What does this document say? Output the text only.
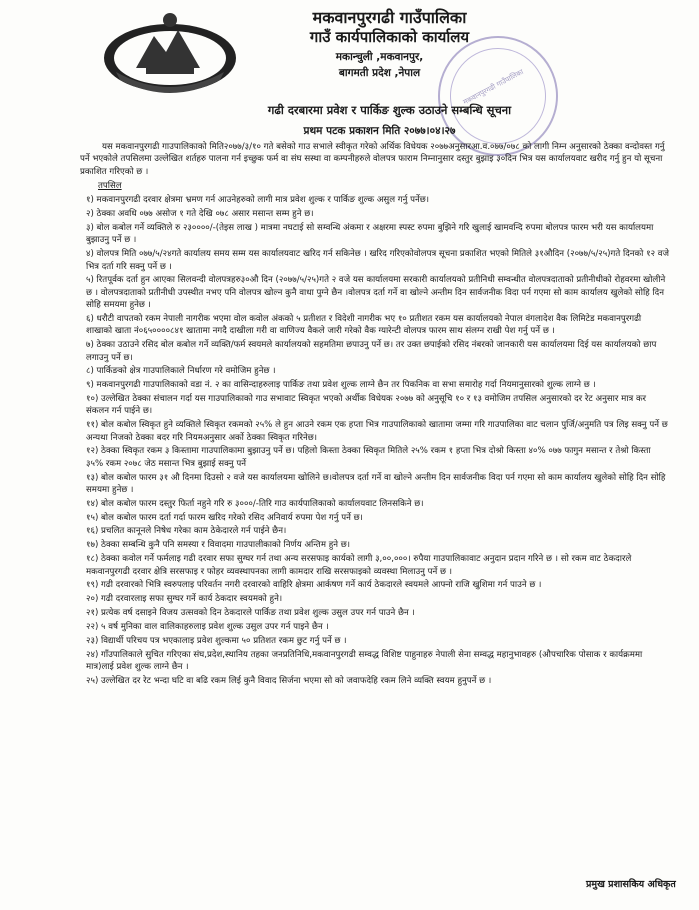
मकवानपुरगढी गाउँपालिका
मकवानपुरगढी गाउँपालिका
गाउँ कार्यपालिकाको कार्यालय
मकान्चुली ,मकवानपुर,
बागमती प्रदेश ,नेपाल
गढी दरबारमा प्रवेश र पार्किङ शुल्क उठाउने सम्बन्धि सूचना
प्रथम पटक प्रकाशन मिति २०७७।०४।२७

यस मकवानपुरगढी गाउपालिकाको मिति२०७७/३/१० गते बसेको गाउ सभाले स्वीकृत गरेको अर्थिक विधेयक २०७७अनुसारआ.व.०७७/०७८ को लागी निम्न अनुसारको ठेक्का वन्दोवस्त गर्नु पर्ने भएकोले तपसिलमा उल्लेखित शर्तहरु पालना गर्न इच्छुक फर्म वा संघ सस्था वा कम्पनीहरुले वोलपत्र फाराम निम्नानुसार दस्तुर बुझाइ ३०दिन भित्र यस कार्यालयवाट खरीद गर्नु हुन यो सूचना प्रकाशित गरिएको छ ।

तपसिल
१) मकवानपुरगढी दरवार क्षेत्रमा भ्रमण गर्न आउनेहरुको लागी मात्र प्रवेश शुल्क र पार्किङ शुल्क असुल गर्नु पर्नेछ।
२) ठेक्का अवधि ०७७ असोज १ गते देखि ०७८ असार मसान्त सम्म हुने छ।
३) बोल कबोल गर्ने व्यक्तिले रु २३००००/-(तेइस लाख ) मात्रमा नघटाई सो सम्वन्धि अंकमा र अक्षरमा स्पस्ट रुपमा बुझिने गरि खुलाई खामवन्दि रुपमा बोलपत्र फारम भरी यस कार्यालयमा बुझाउनु पर्ने छ ।
४) वोलपत्र मिति ०७७/५/२४गते कार्यालय समय सम्म यस कार्यालयवाट खरिद गर्न सकिनेछ । खरिद गरिएकोवोलपत्र सूचना प्रकाशित भएको मितिले ३१औदिन (२०७७/५/२५)गते दिनको १२ वजे भित्र दर्ता गरि सक्नु पर्ने छ ।
५) रितपूर्वक दर्ता हुन आएका सिलवन्दी वोलपत्रहरु३०औ दिन (२०७७/५/२५)गते २ वजे यस कार्यालयमा सरकारी कार्यालयको प्रतीनिधी सम्वन्धीत वोलपत्रदाताको प्रतीनीधीको रोहवरमा खोलीने छ । वोलपत्रदाताको प्रतीनीधी उपस्थीत नभए पनि वोलपत्र खोल्न कुनै वाधा पुग्ने छैन ।वोलपत्र दर्ता गर्ने वा खोल्ने अन्तीम दिन सार्वजनीक विदा पर्न गएमा सो काम कार्यालय खुलेको सोहि दिन सोहि समयमा हुनेछ ।
६) धरौटी वापतको रकम नेपाली नागरीक भएमा वोल कवोल अंकको ५ प्रतीशत र विदेशी नागरीक भए १० प्रतीशत रकम यस कार्यालयको नेपाल वंगलादेश वैक लिमिटेड मकवानपुरगढी शाखाको खाता नं०६५००००८४१ खातामा नगदै दाखीला गरी वा वाणिज्य वैकले जारी गरेको वैक ग्यारेन्टी वोलपत्र फारम साथ संलग्न राखी पेश गर्नु पर्ने छ ।
७) ठेक्का उठाउने रसिद बोल कबोल गर्ने व्यक्ति/फर्म स्वयमले कार्यालयको सहमतिमा छपाउनु पर्ने छ। तर उक्त छपाईको रसिद नंबरको जानकारी यस कार्यालयमा दिई यस कार्यालयको छाप लगाउनु पर्ने छ।
८) पार्किङको क्षेत्र गाउपालिकाले निर्धारण गरे वमोजिम हुनेछ ।
९) मकवानपुरगढी गाउपालिकाको वडा नं. २ का वासिन्दाहरुलाइ पार्किङ तथा प्रवेश शुल्क लाग्ने छैन तर पिकनिक वा सभा समारोह गर्दा नियमानुसारको शुल्क लाग्ने छ ।
१०) उल्लेखित ठेक्का संचालन गर्दा यस गाउपालिकाको गाउ सभावाट स्विकृत भएको अर्थीक विधेयक २०७७ को अनुसूचि १० र १३ वमोजिम तपसिल अनुसारको दर रेट अनुसार मात्र कर संकलन गर्न पाईने छ।
११) बोल कबोल स्विकृत हुने व्यक्तिले स्विकृत रकमको २५% ले हुन आउने रकम एक हप्ता भित्र गाउपालिकाको खातामा जम्मा गरि गाउपालिका वाट चलान पुर्जि/अनुमति पत्र लिइ सक्नु पर्ने छ अन्यथा निजको ठेक्का बदर गरि नियमअनुसार अर्को ठेक्का स्विकृत गरिनेछ।
१२) ठेक्का स्विकृत रकम ३ किस्तामा गाउपालिकामा बुझाउनु पर्ने छ। पहिलो किस्ता ठेक्का स्विकृत मितिले २५% रकम १ हप्ता भित्र दोश्रो किस्ता ४०% ०७७ फागुन मसान्त र तेश्रो किस्ता ३५% रकम २०७८ जेठ मसान्त भित्र बुझाई सक्नु पर्ने
१३) बोल कबोल फारम ३१ औ दिनमा दिउसो २ वजे यस कार्यालयमा खोलिने छ।वोलपत्र दर्ता गर्ने वा खोल्ने अन्तीम दिन सार्वजनीक विदा पर्न गएमा सो काम कार्यालय खुलेको सोहि दिन सोहि समयमा हुनेछ ।
१४) बोल कबोल फारम दस्तुर फिर्ता नहुने गरि रु ३०००/-तिरि गाउ कार्यपालिकाको कार्यालयवाट लिनसकिने छ।
१५) बोल कबोल फारम दर्ता गर्दा फारम खरिद गरेको रसिद अनिवार्य रुपमा पेश गर्नु पर्ने छ।
१६) प्रचलित कानूनले निषेध गरेका काम ठेकेदारले गर्न पाईने छैन।
१७) ठेक्का सम्बन्धि कुनै पनि समस्या र विवादमा गाउपालीकाको निर्णय अन्तिम हुने छ।
१८) ठेक्का कवोल गर्ने फर्मलाइ गढी दरवार सफा सुग्घर गर्न तथा अन्य सरसफाइ कार्यको लागी ३,००,०००। रुपैया गाउपालिकावाट अनुदान प्रदान गरिने छ । सो रकम वाट ठेकदारले मकवानपुरगढी दरवार क्षेत्रि सरसफाइ र फोहर व्यवस्थापनका लागी कामदार राखि सरसफाइको व्यवस्था मिलाउनु पर्ने छ ।
१९) गढी दरवारको भित्रि स्वरुपलाइ परिवर्तन नगरी दरवारको वाहिरि क्षेत्रमा आर्कषण गर्ने कार्य ठेकदारले स्वयमले आफ्नो राजि खुशिमा गर्न पाउने छ ।
२०) गढी दरवारलाइ सफा सुग्घर गर्ने कार्य ठेकदार स्वयमको हुने।
२१) प्रत्येक वर्ष दसाइने विजय उत्सवको दिन ठेकदारले पार्किङ तथा प्रवेश शुल्क उसुल उपर गर्न पाउने छैन ।
२२) ५ वर्ष मुनिका वाल वालिकाहरुलाइ प्रवेश शुल्क उसुल उपर गर्न पाइने छैन ।
२३) विद्यार्थी परिचय पत्र भएकालाइ प्रवेश शुल्कमा ५० प्रतिशत रकम छुट गर्नु पर्ने छ ।
२४) गाँउपालिकाले सुचित गरिएका संघ,प्रदेश,स्थानिय तहका जनप्रतिनिधि,मकवानपुरगढी सम्वद्ध विशिष्ट पाहुनाहरु नेपाली सेना सम्वद्ध महानुभावहरु (औपचारिक पोसाक र कार्यक्रममा मात्र)लाई प्रवेश शुल्क लाग्ने छैन ।
२५) उल्लेखित दर रेट भन्दा घटि वा बढि रकम लिई कुनै विवाद सिर्जना भएमा सो को जवाफदेहि रकम लिने व्यक्ति स्वयम हुनुपर्ने छ ।
प्रमुख प्रशासकिय अधिकृत
